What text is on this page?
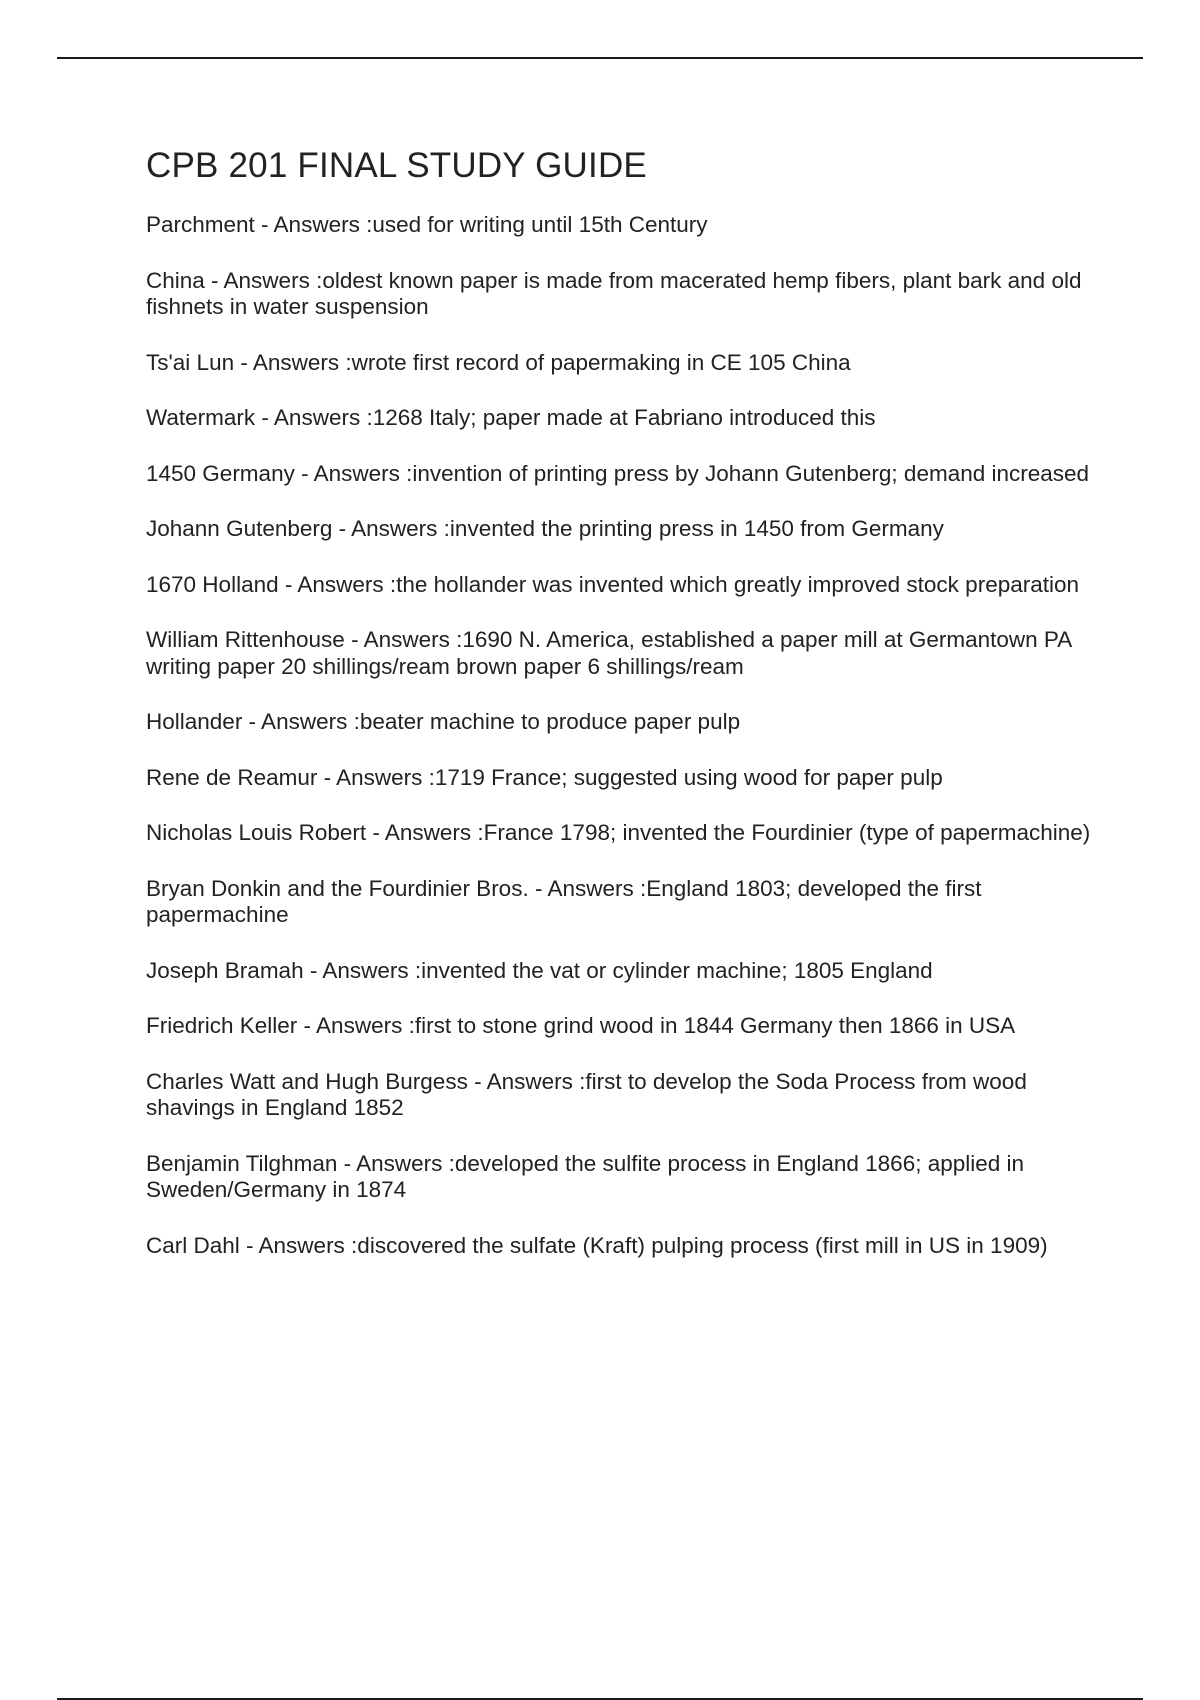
CPB 201 FINAL STUDY GUIDE
Parchment - Answers :used for writing until 15th Century
China - Answers :oldest known paper is made from macerated hemp fibers, plant bark and old fishnets in water suspension
Ts'ai Lun - Answers :wrote first record of papermaking in CE 105 China
Watermark - Answers :1268 Italy; paper made at Fabriano introduced this
1450 Germany - Answers :invention of printing press by Johann Gutenberg; demand increased
Johann Gutenberg - Answers :invented the printing press in 1450 from Germany
1670 Holland - Answers :the hollander was invented which greatly improved stock preparation
William Rittenhouse - Answers :1690 N. America, established a paper mill at Germantown PA writing paper 20 shillings/ream brown paper 6 shillings/ream
Hollander - Answers :beater machine to produce paper pulp
Rene de Reamur - Answers :1719 France; suggested using wood for paper pulp
Nicholas Louis Robert - Answers :France 1798; invented the Fourdinier (type of papermachine)
Bryan Donkin and the Fourdinier Bros. - Answers :England 1803; developed the first papermachine
Joseph Bramah - Answers :invented the vat or cylinder machine; 1805 England
Friedrich Keller - Answers :first to stone grind wood in 1844 Germany then 1866 in USA
Charles Watt and Hugh Burgess - Answers :first to develop the Soda Process from wood shavings in England 1852
Benjamin Tilghman - Answers :developed the sulfite process in England 1866; applied in Sweden/Germany in 1874
Carl Dahl - Answers :discovered the sulfate (Kraft) pulping process (first mill in US in 1909)
